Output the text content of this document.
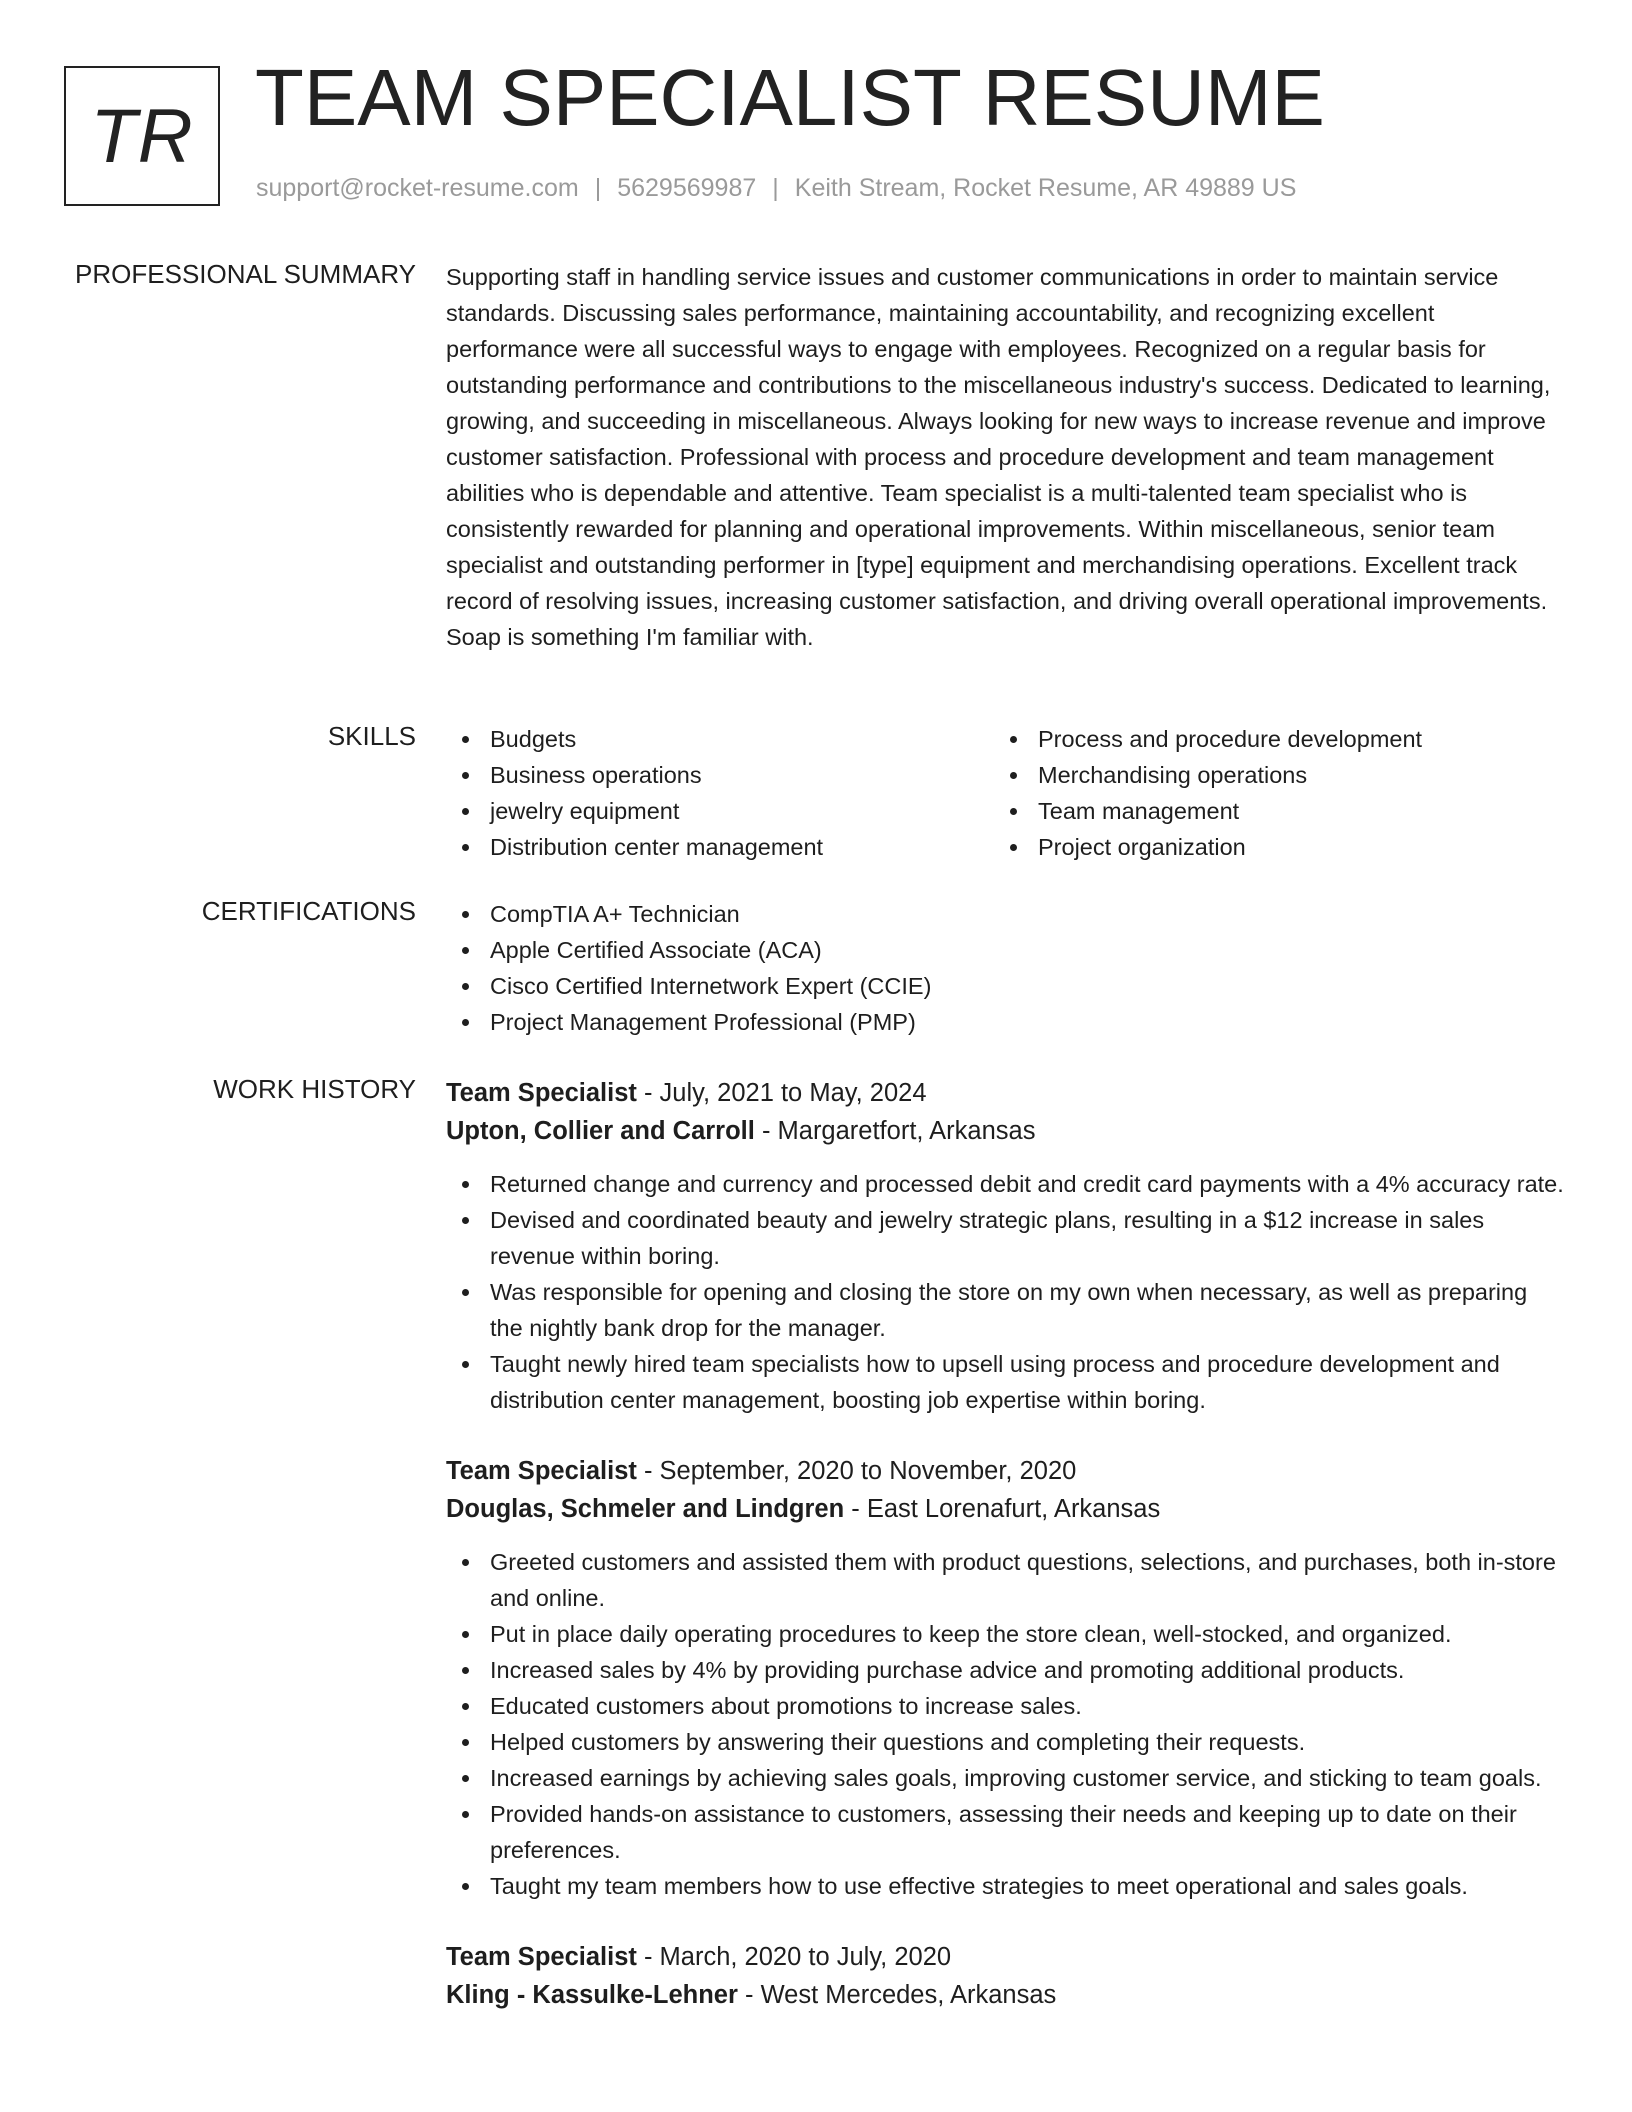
TR TEAM SPECIALIST RESUME
support@rocket-resume.com | 5629569987 | Keith Stream, Rocket Resume, AR 49889 US
PROFESSIONAL SUMMARY Supporting staff in handling service issues and customer communications in order to maintain service standards. Discussing sales performance, maintaining accountability, and recognizing excellent performance were all successful ways to engage with employees. Recognized on a regular basis for outstanding performance and contributions to the miscellaneous industry's success. Dedicated to learning, growing, and succeeding in miscellaneous. Always looking for new ways to increase revenue and improve customer satisfaction. Professional with process and procedure development and team management abilities who is dependable and attentive. Team specialist is a multi-talented team specialist who is consistently rewarded for planning and operational improvements. Within miscellaneous, senior team specialist and outstanding performer in [type] equipment and merchandising operations. Excellent track record of resolving issues, increasing customer satisfaction, and driving overall operational improvements. Soap is something I'm familiar with.

SKILLS	Budgets
Business operations
jewelry equipment
Distribution center management
Process and procedure development
Merchandising operations
Team management
Project organization
CERTIFICATIONS	CompTIA A+ Technician
Apple Certified Associate (ACA)
Cisco Certified Internetwork Expert (CCIE)
Project Management Professional (PMP)
WORK HISTORY Team Specialist - July, 2021 to May, 2024
Upton, Collier and Carroll - Margaretfort, Arkansas
Returned change and currency and processed debit and credit card payments with a 4% accuracy rate.
Devised and coordinated beauty and jewelry strategic plans, resulting in a $12 increase in sales revenue within boring.
Was responsible for opening and closing the store on my own when necessary, as well as preparing the nightly bank drop for the manager.
Taught newly hired team specialists how to upsell using process and procedure development and distribution center management, boosting job expertise within boring.
Team Specialist - September, 2020 to November, 2020
Douglas, Schmeler and Lindgren - East Lorenafurt, Arkansas
Greeted customers and assisted them with product questions, selections, and purchases, both in-store and online.
Put in place daily operating procedures to keep the store clean, well-stocked, and organized.
Increased sales by 4% by providing purchase advice and promoting additional products.
Educated customers about promotions to increase sales.
Helped customers by answering their questions and completing their requests.
Increased earnings by achieving sales goals, improving customer service, and sticking to team goals.
Provided hands-on assistance to customers, assessing their needs and keeping up to date on their preferences.
Taught my team members how to use effective strategies to meet operational and sales goals.
Team Specialist - March, 2020 to July, 2020
Kling - Kassulke-Lehner - West Mercedes, Arkansas
